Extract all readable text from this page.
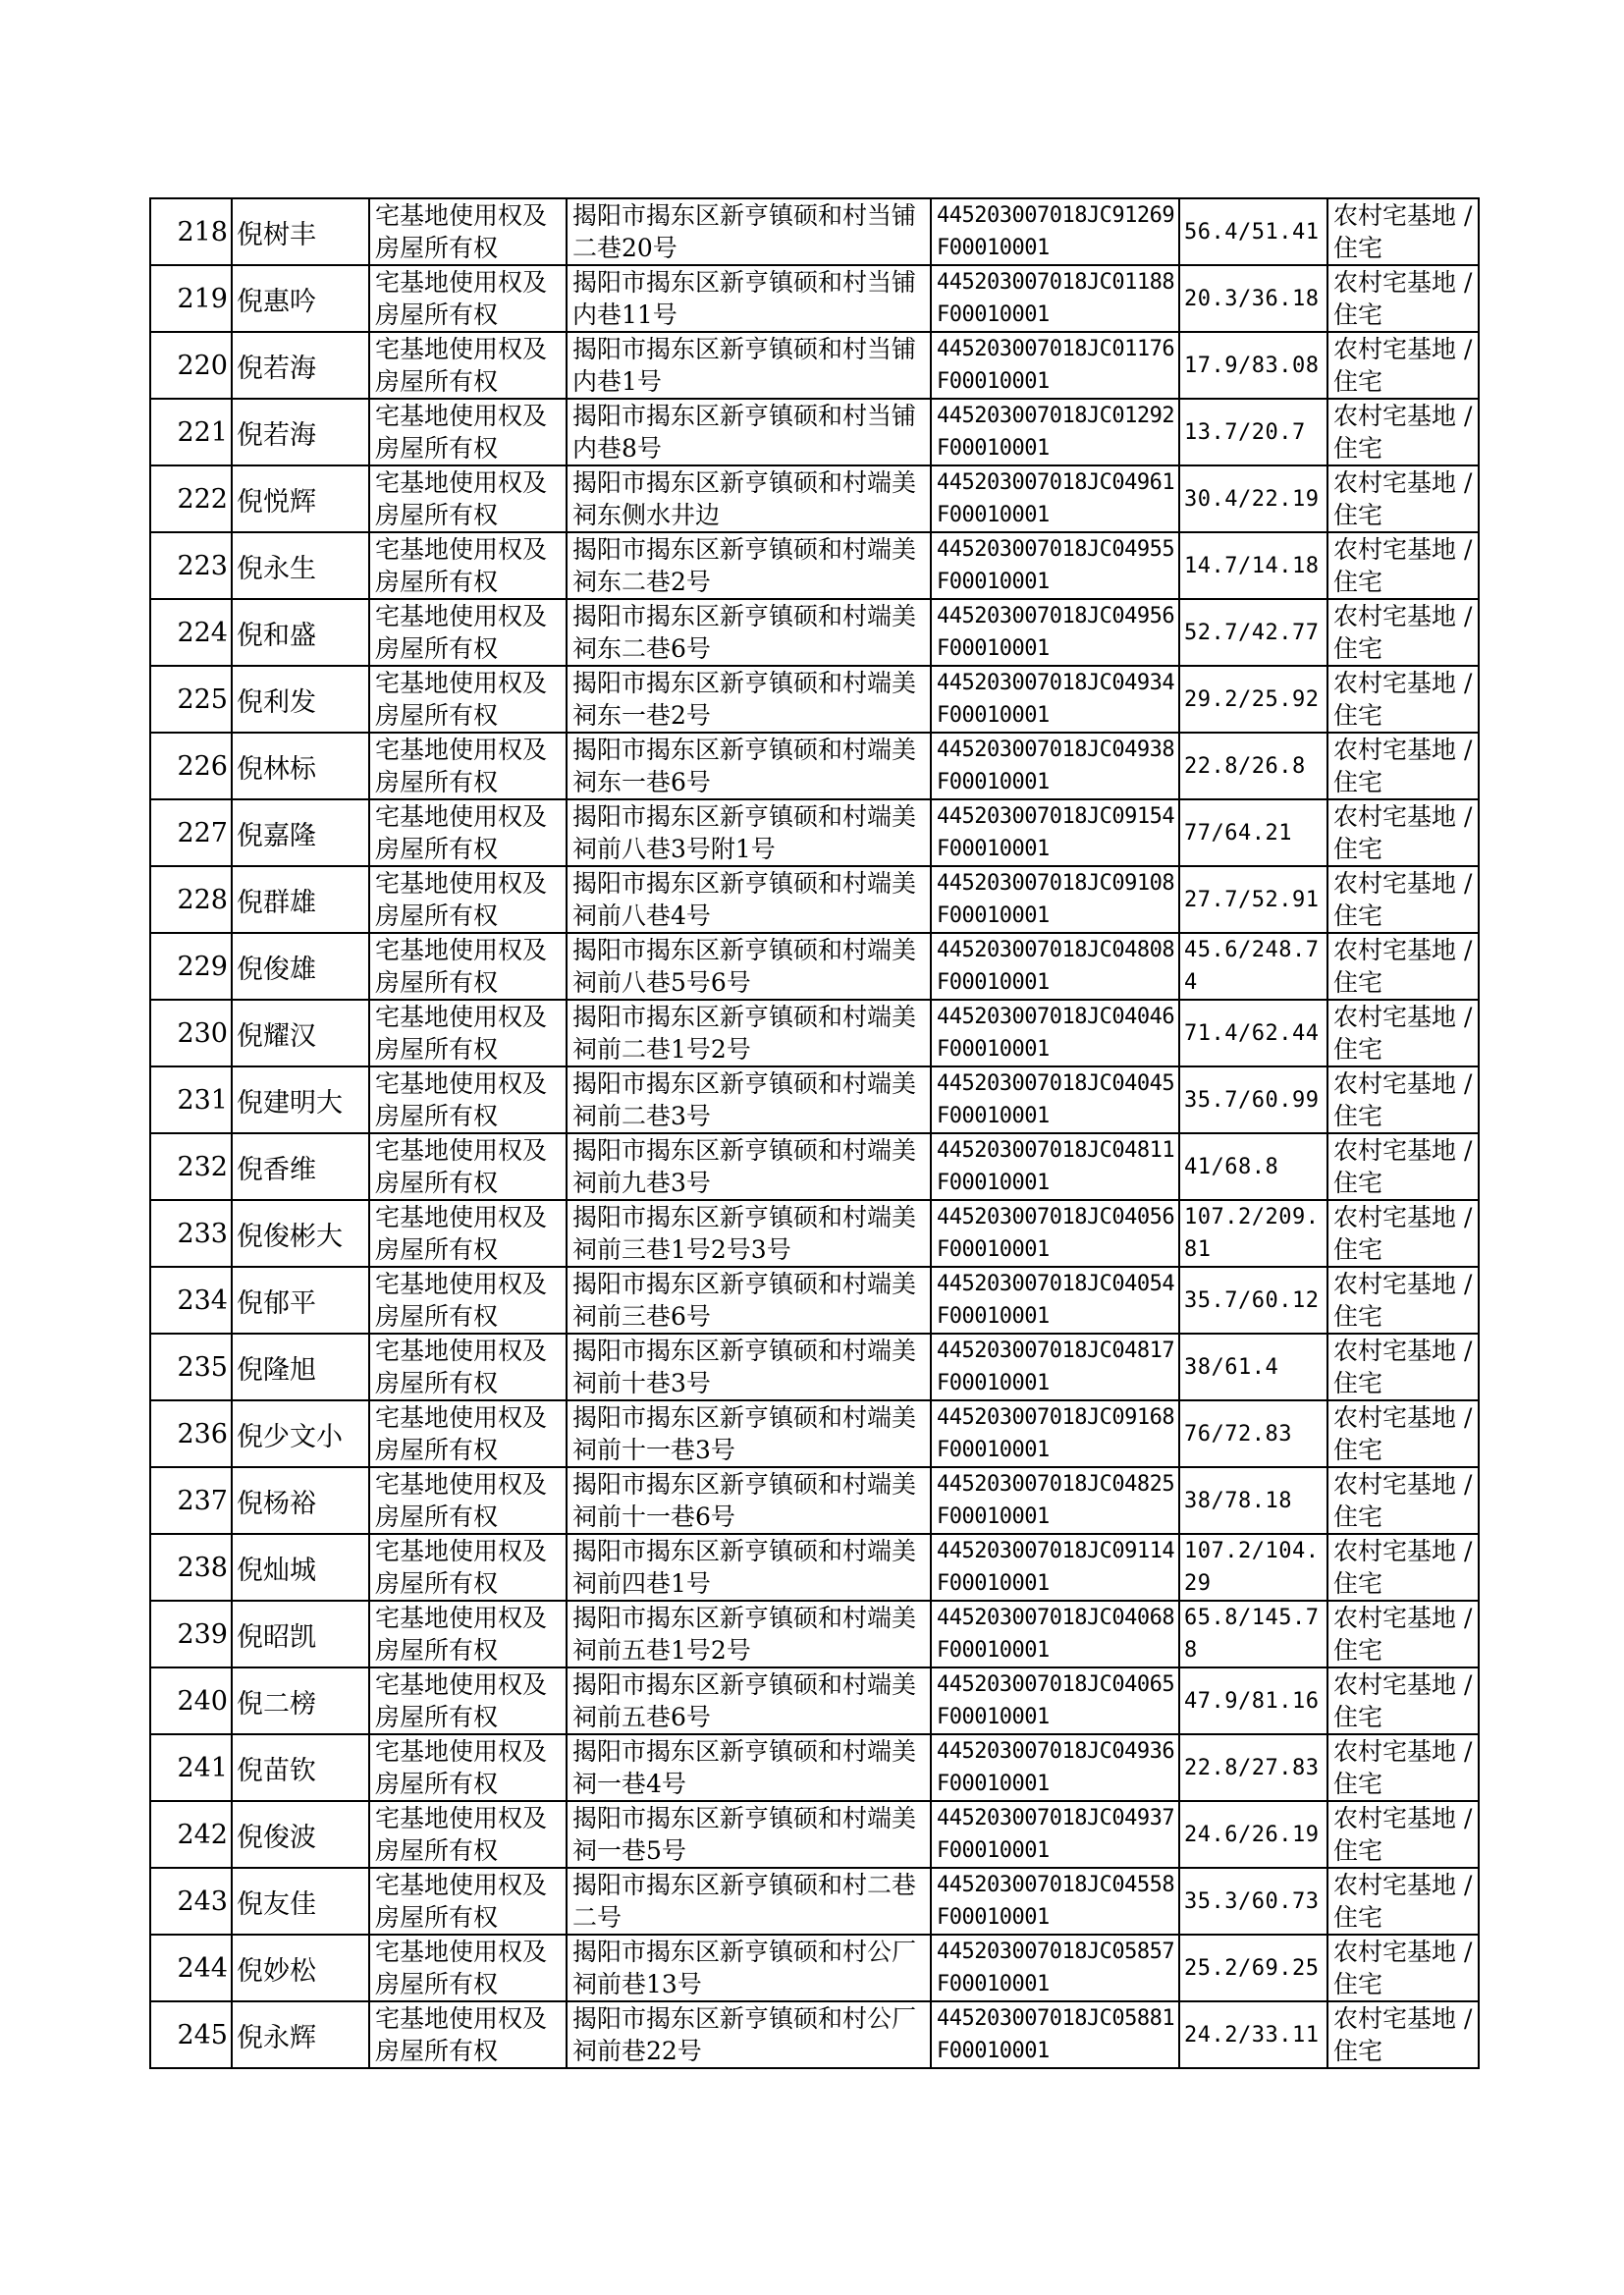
218	倪树丰	宅基地使用权及房屋所有权	揭阳市揭东区新亨镇硕和村当铺二巷20号	445203007018JC91269F00010001	56.4/51.41	农村宅基地 / 住宅

219	倪惠吟	宅基地使用权及房屋所有权	揭阳市揭东区新亨镇硕和村当铺内巷11号	445203007018JC01188F00010001	20.3/36.18	农村宅基地 / 住宅

220	倪若海	宅基地使用权及房屋所有权	揭阳市揭东区新亨镇硕和村当铺内巷1号	445203007018JC01176F00010001	17.9/83.08	农村宅基地 / 住宅

221	倪若海	宅基地使用权及房屋所有权	揭阳市揭东区新亨镇硕和村当铺内巷8号	445203007018JC01292F00010001	13.7/20.7	农村宅基地 / 住宅

222	倪悦辉	宅基地使用权及房屋所有权	揭阳市揭东区新亨镇硕和村端美祠东侧水井边	445203007018JC04961F00010001	30.4/22.19	农村宅基地 / 住宅

223	倪永生	宅基地使用权及房屋所有权	揭阳市揭东区新亨镇硕和村端美祠东二巷2号	445203007018JC04955F00010001	14.7/14.18	农村宅基地 / 住宅

224	倪和盛	宅基地使用权及房屋所有权	揭阳市揭东区新亨镇硕和村端美祠东二巷6号	445203007018JC04956F00010001	52.7/42.77	农村宅基地 / 住宅

225	倪利发	宅基地使用权及房屋所有权	揭阳市揭东区新亨镇硕和村端美祠东一巷2号	445203007018JC04934F00010001	29.2/25.92	农村宅基地 / 住宅

226	倪林标	宅基地使用权及房屋所有权	揭阳市揭东区新亨镇硕和村端美祠东一巷6号	445203007018JC04938F00010001	22.8/26.8	农村宅基地 / 住宅

227	倪嘉隆	宅基地使用权及房屋所有权	揭阳市揭东区新亨镇硕和村端美祠前八巷3号附1号	445203007018JC09154F00010001	77/64.21	农村宅基地 / 住宅

228	倪群雄	宅基地使用权及房屋所有权	揭阳市揭东区新亨镇硕和村端美祠前八巷4号	445203007018JC09108F00010001	27.7/52.91	农村宅基地 / 住宅

229	倪俊雄	宅基地使用权及房屋所有权	揭阳市揭东区新亨镇硕和村端美祠前八巷5号6号	445203007018JC04808F00010001	45.6/248.74	农村宅基地 / 住宅

230	倪耀汉	宅基地使用权及房屋所有权	揭阳市揭东区新亨镇硕和村端美祠前二巷1号2号	445203007018JC04046F00010001	71.4/62.44	农村宅基地 / 住宅

231	倪建明大	宅基地使用权及房屋所有权	揭阳市揭东区新亨镇硕和村端美祠前二巷3号	445203007018JC04045F00010001	35.7/60.99	农村宅基地 / 住宅

232	倪香维	宅基地使用权及房屋所有权	揭阳市揭东区新亨镇硕和村端美祠前九巷3号	445203007018JC04811F00010001	41/68.8	农村宅基地 / 住宅

233	倪俊彬大	宅基地使用权及房屋所有权	揭阳市揭东区新亨镇硕和村端美祠前三巷1号2号3号	445203007018JC04056F00010001	107.2/209.81	农村宅基地 / 住宅

234	倪郁平	宅基地使用权及房屋所有权	揭阳市揭东区新亨镇硕和村端美祠前三巷6号	445203007018JC04054F00010001	35.7/60.12	农村宅基地 / 住宅

235	倪隆旭	宅基地使用权及房屋所有权	揭阳市揭东区新亨镇硕和村端美祠前十巷3号	445203007018JC04817F00010001	38/61.4	农村宅基地 / 住宅

236	倪少文小	宅基地使用权及房屋所有权	揭阳市揭东区新亨镇硕和村端美祠前十一巷3号	445203007018JC09168F00010001	76/72.83	农村宅基地 / 住宅

237	倪杨裕	宅基地使用权及房屋所有权	揭阳市揭东区新亨镇硕和村端美祠前十一巷6号	445203007018JC04825F00010001	38/78.18	农村宅基地 / 住宅

238	倪灿城	宅基地使用权及房屋所有权	揭阳市揭东区新亨镇硕和村端美祠前四巷1号	445203007018JC09114F00010001	107.2/104.29	农村宅基地 / 住宅

239	倪昭凯	宅基地使用权及房屋所有权	揭阳市揭东区新亨镇硕和村端美祠前五巷1号2号	445203007018JC04068F00010001	65.8/145.78	农村宅基地 / 住宅

240	倪二榜	宅基地使用权及房屋所有权	揭阳市揭东区新亨镇硕和村端美祠前五巷6号	445203007018JC04065F00010001	47.9/81.16	农村宅基地 / 住宅

241	倪苗钦	宅基地使用权及房屋所有权	揭阳市揭东区新亨镇硕和村端美祠一巷4号	445203007018JC04936F00010001	22.8/27.83	农村宅基地 / 住宅

242	倪俊波	宅基地使用权及房屋所有权	揭阳市揭东区新亨镇硕和村端美祠一巷5号	445203007018JC04937F00010001	24.6/26.19	农村宅基地 / 住宅

243	倪友佳	宅基地使用权及房屋所有权	揭阳市揭东区新亨镇硕和村二巷二号	445203007018JC04558F00010001	35.3/60.73	农村宅基地 / 住宅

244	倪妙松	宅基地使用权及房屋所有权	揭阳市揭东区新亨镇硕和村公厂祠前巷13号	445203007018JC05857F00010001	25.2/69.25	农村宅基地 / 住宅

245	倪永辉	宅基地使用权及房屋所有权	揭阳市揭东区新亨镇硕和村公厂祠前巷22号	445203007018JC05881F00010001	24.2/33.11	农村宅基地 / 住宅
